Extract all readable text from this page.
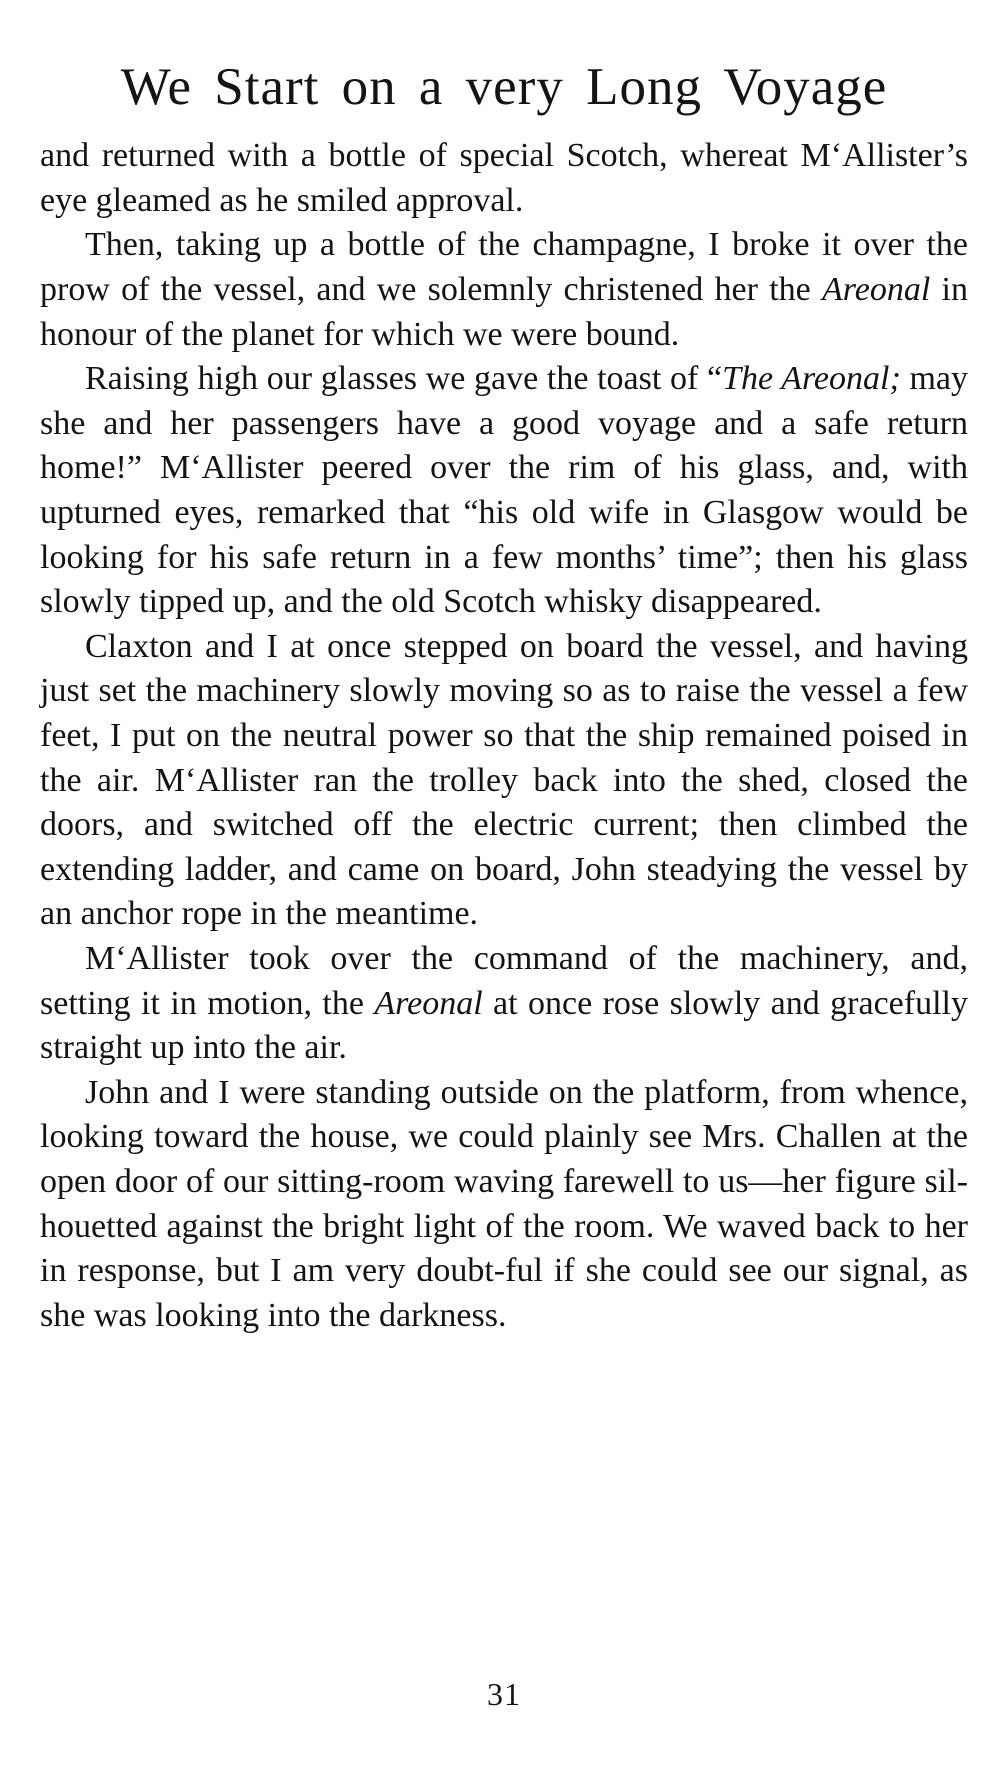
We Start on a very Long Voyage

and returned with a bottle of special Scotch, whereat M‘Allister’s eye gleamed as he smiled approval.

Then, taking up a bottle of the champagne, I broke it over the prow of the vessel, and we solemnly christened her the Areonal in honour of the planet for which we were bound.

Raising high our glasses we gave the toast of “The Areonal; may she and her passengers have a good voyage and a safe return home!” M‘Allister peered over the rim of his glass, and, with upturned eyes, remarked that “his old wife in Glasgow would be looking for his safe return in a few months’ time”; then his glass slowly tipped up, and the old Scotch whisky disappeared.

Claxton and I at once stepped on board the vessel, and having just set the machinery slowly moving so as to raise the vessel a few feet, I put on the neutral power so that the ship remained poised in the air. M‘Allister ran the trolley back into the shed, closed the doors, and switched off the electric current; then climbed the extending ladder, and came on board, John steadying the vessel by an anchor rope in the meantime.

M‘Allister took over the command of the machinery, and, setting it in motion, the Areonal at once rose slowly and gracefully straight up into the air.

John and I were standing outside on the platform, from whence, looking toward the house, we could plainly see Mrs. Challen at the open door of our sitting-room waving farewell to us—her figure sil-houetted against the bright light of the room. We waved back to her in response, but I am very doubt-ful if she could see our signal, as she was looking into the darkness.

31
